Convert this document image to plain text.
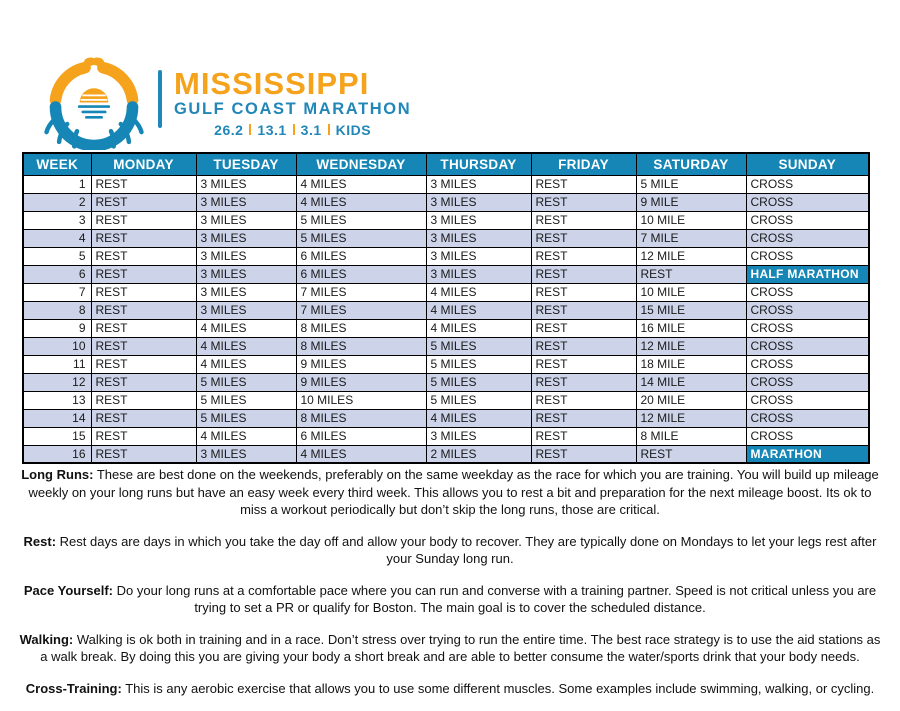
MISSISSIPPI
GULF COAST MARATHON
26.2 13.1 3.1 KIDS
WEEK	MONDAY	TUESDAY	WEDNESDAY	THURSDAY	FRIDAY	SATURDAY	SUNDAY
1	REST	3 MILES	4 MILES	3 MILES	REST	5 MILE	CROSS
2	REST	3 MILES	4 MILES	3 MILES	REST	9 MILE	CROSS
3	REST	3 MILES	5 MILES	3 MILES	REST	10 MILE	CROSS
4	REST	3 MILES	5 MILES	3 MILES	REST	7 MILE	CROSS
5	REST	3 MILES	6 MILES	3 MILES	REST	12 MILE	CROSS
6	REST	3 MILES	6 MILES	3 MILES	REST	REST	HALF MARATHON
7	REST	3 MILES	7 MILES	4 MILES	REST	10 MILE	CROSS
8	REST	3 MILES	7 MILES	4 MILES	REST	15 MILE	CROSS
9	REST	4 MILES	8 MILES	4 MILES	REST	16 MILE	CROSS
10	REST	4 MILES	8 MILES	5 MILES	REST	12 MILE	CROSS
11	REST	4 MILES	9 MILES	5 MILES	REST	18 MILE	CROSS
12	REST	5 MILES	9 MILES	5 MILES	REST	14 MILE	CROSS
13	REST	5 MILES	10 MILES	5 MILES	REST	20 MILE	CROSS
14	REST	5 MILES	8 MILES	4 MILES	REST	12 MILE	CROSS
15	REST	4 MILES	6 MILES	3 MILES	REST	8 MILE	CROSS
16	REST	3 MILES	4 MILES	2 MILES	REST	REST	MARATHON

Long Runs: These are best done on the weekends, preferably on the same weekday as the race for which you are training. You will build up mileage weekly on your long runs but have an easy week every third week. This allows you to rest a bit and preparation for the next mileage boost. Its ok to miss a workout periodically but don’t skip the long runs, those are critical.

Rest: Rest days are days in which you take the day off and allow your body to recover. They are typically done on Mondays to let your legs rest after your Sunday long run.

Pace Yourself: Do your long runs at a comfortable pace where you can run and converse with a training partner. Speed is not critical unless you are trying to set a PR or qualify for Boston. The main goal is to cover the scheduled distance.

Walking: Walking is ok both in training and in a race. Don’t stress over trying to run the entire time. The best race strategy is to use the aid stations as a walk break. By doing this you are giving your body a short break and are able to better consume the water/sports drink that your body needs.

Cross-Training: This is any aerobic exercise that allows you to use some different muscles. Some examples include swimming, walking, or cycling.
